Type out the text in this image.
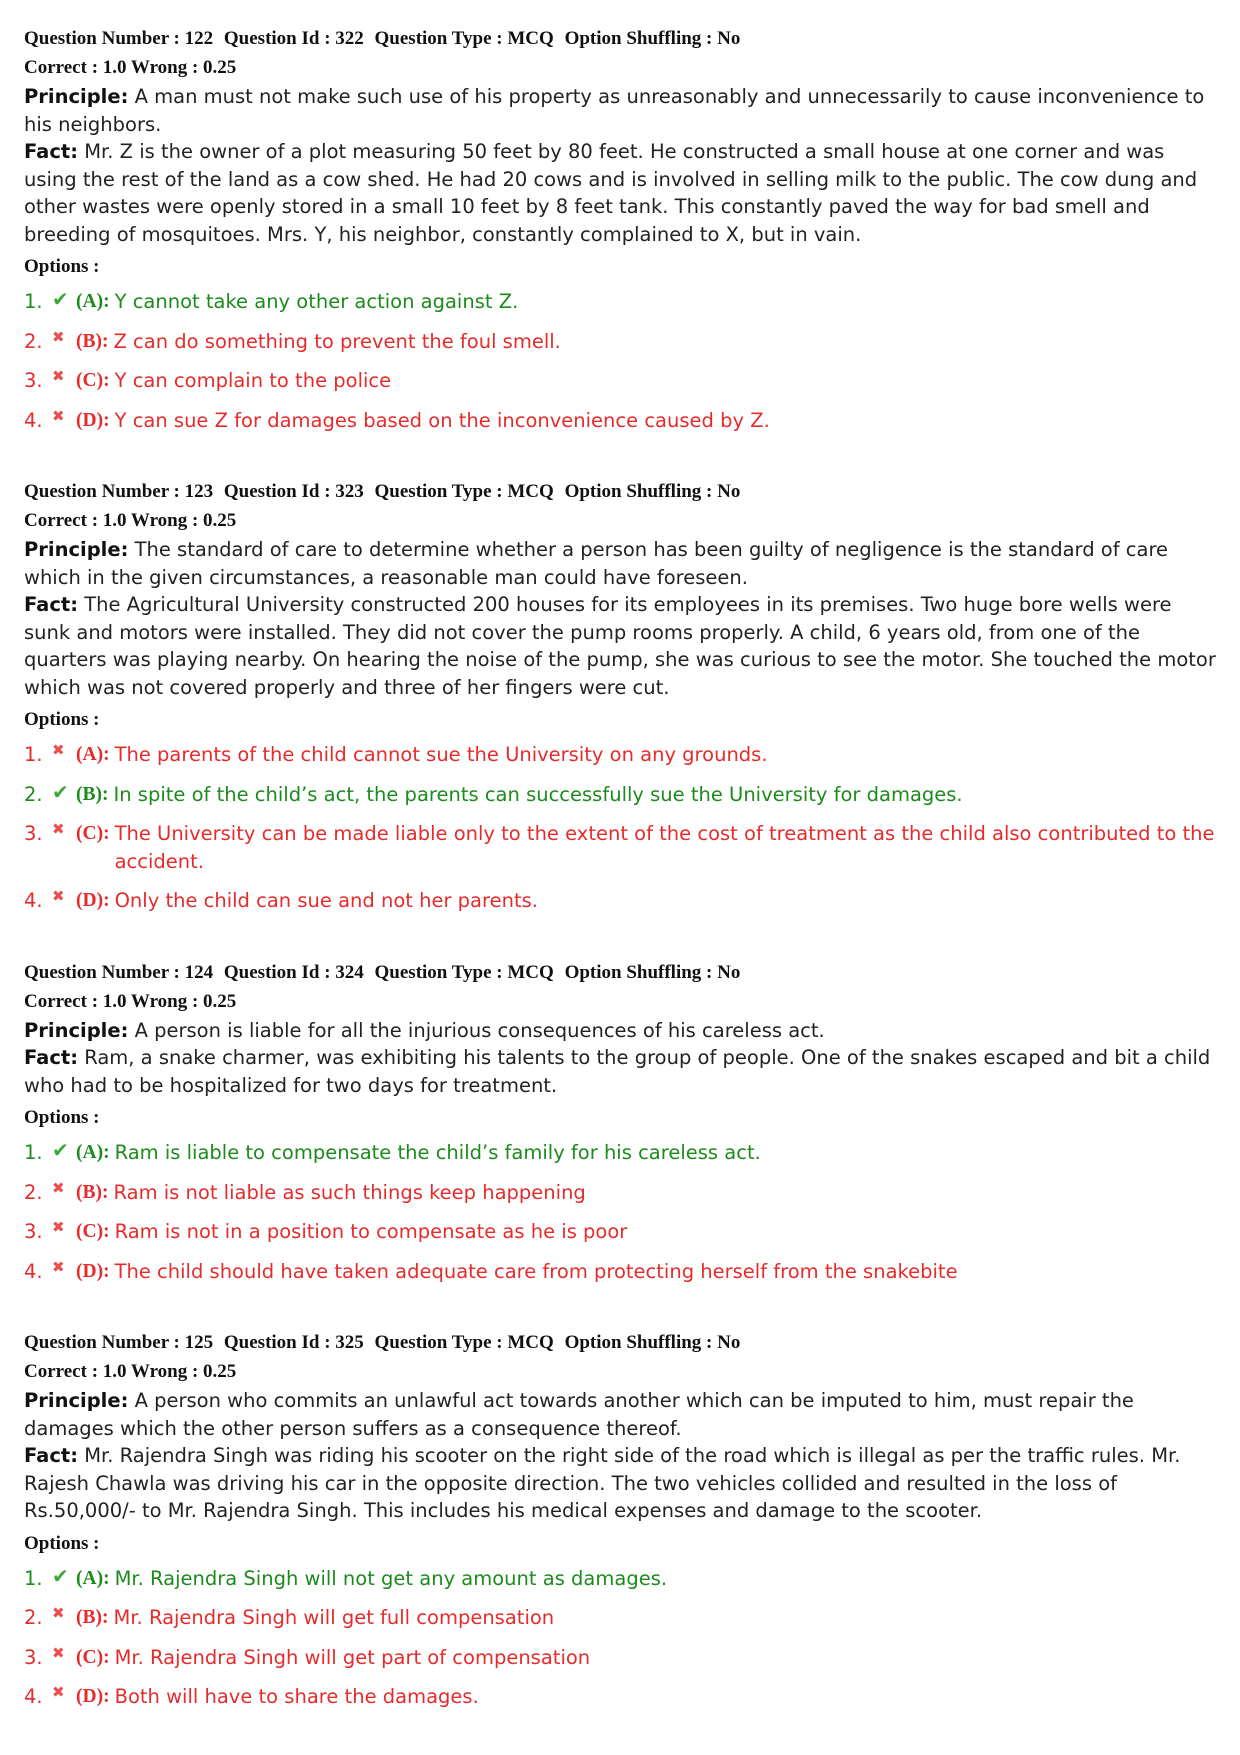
Question Number : 122 Question Id : 322 Question Type : MCQ Option Shuffling : No
Correct : 1.0 Wrong : 0.25
Principle: A man must not make such use of his property as unreasonably and unnecessarily to cause inconvenience to his neighbors.
Fact: Mr. Z is the owner of a plot measuring 50 feet by 80 feet. He constructed a small house at one corner and was using the rest of the land as a cow shed. He had 20 cows and is involved in selling milk to the public. The cow dung and other wastes were openly stored in a small 10 feet by 8 feet tank. This constantly paved the way for bad smell and breeding of mosquitoes. Mrs. Y, his neighbor, constantly complained to X, but in vain.
Options :
1. ✔ (A): Y cannot take any other action against Z.
2. ✖ (B): Z can do something to prevent the foul smell.
3. ✖ (C): Y can complain to the police
4. ✖ (D): Y can sue Z for damages based on the inconvenience caused by Z.
Question Number : 123 Question Id : 323 Question Type : MCQ Option Shuffling : No
Correct : 1.0 Wrong : 0.25
Principle: The standard of care to determine whether a person has been guilty of negligence is the standard of care which in the given circumstances, a reasonable man could have foreseen.
Fact: The Agricultural University constructed 200 houses for its employees in its premises. Two huge bore wells were sunk and motors were installed. They did not cover the pump rooms properly. A child, 6 years old, from one of the quarters was playing nearby. On hearing the noise of the pump, she was curious to see the motor. She touched the motor which was not covered properly and three of her fingers were cut.
Options :
1. ✖ (A): The parents of the child cannot sue the University on any grounds.
2. ✔ (B): In spite of the child’s act, the parents can successfully sue the University for damages.
3. ✖ (C): The University can be made liable only to the extent of the cost of treatment as the child also contributed to the accident.
4. ✖ (D): Only the child can sue and not her parents.
Question Number : 124 Question Id : 324 Question Type : MCQ Option Shuffling : No
Correct : 1.0 Wrong : 0.25
Principle: A person is liable for all the injurious consequences of his careless act.
Fact: Ram, a snake charmer, was exhibiting his talents to the group of people. One of the snakes escaped and bit a child who had to be hospitalized for two days for treatment.
Options :
1. ✔ (A): Ram is liable to compensate the child’s family for his careless act.
2. ✖ (B): Ram is not liable as such things keep happening
3. ✖ (C): Ram is not in a position to compensate as he is poor
4. ✖ (D): The child should have taken adequate care from protecting herself from the snakebite
Question Number : 125 Question Id : 325 Question Type : MCQ Option Shuffling : No
Correct : 1.0 Wrong : 0.25
Principle: A person who commits an unlawful act towards another which can be imputed to him, must repair the damages which the other person suffers as a consequence thereof.
Fact: Mr. Rajendra Singh was riding his scooter on the right side of the road which is illegal as per the traffic rules. Mr. Rajesh Chawla was driving his car in the opposite direction. The two vehicles collided and resulted in the loss of Rs.50,000/- to Mr. Rajendra Singh. This includes his medical expenses and damage to the scooter.
Options :
1. ✔ (A): Mr. Rajendra Singh will not get any amount as damages.
2. ✖ (B): Mr. Rajendra Singh will get full compensation
3. ✖ (C): Mr. Rajendra Singh will get part of compensation
4. ✖ (D): Both will have to share the damages.
